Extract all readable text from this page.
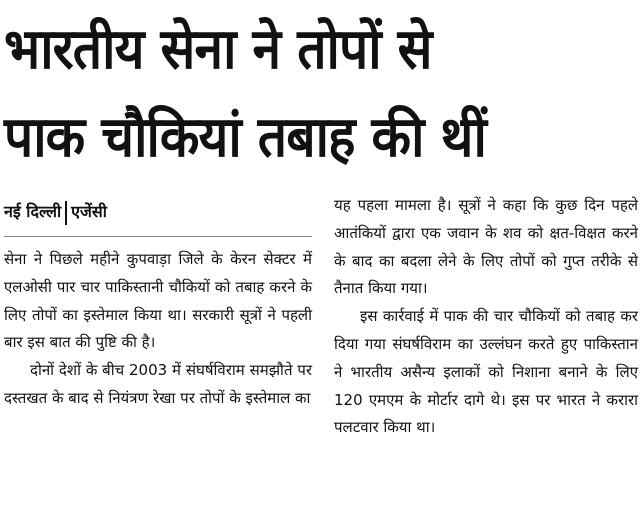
भारतीय सेना ने तोपों से
पाक चौकियां तबाह की थीं
नई दिल्ली एजेंसी

सेना ने पिछले महीने कुपवाड़ा जिले के केरन सेक्टर में एलओसी पार चार पाकिस्तानी चौकियों को तबाह करने के लिए तोपों का इस्तेमाल किया था। सरकारी सूत्रों ने पहली बार इस बात की पुष्टि की है।

दोनों देशों के बीच 2003 में संघर्षविराम समझौते पर दस्तखत के बाद से नियंत्रण रेखा पर तोपों के इस्तेमाल का

यह पहला मामला है। सूत्रों ने कहा कि कुछ दिन पहले आतंकियों द्वारा एक जवान के शव को क्षत-विक्षत करने के बाद का बदला लेने के लिए तोपों को गुप्त तरीके से तैनात किया गया।

इस कार्रवाई में पाक की चार चौकियों को तबाह कर दिया गया संघर्षविराम का उल्लंघन करते हुए पाकिस्तान ने भारतीय असैन्य इलाकों को निशाना बनाने के लिए 120 एमएम के मोर्टार दागे थे। इस पर भारत ने करारा पलटवार किया था।
